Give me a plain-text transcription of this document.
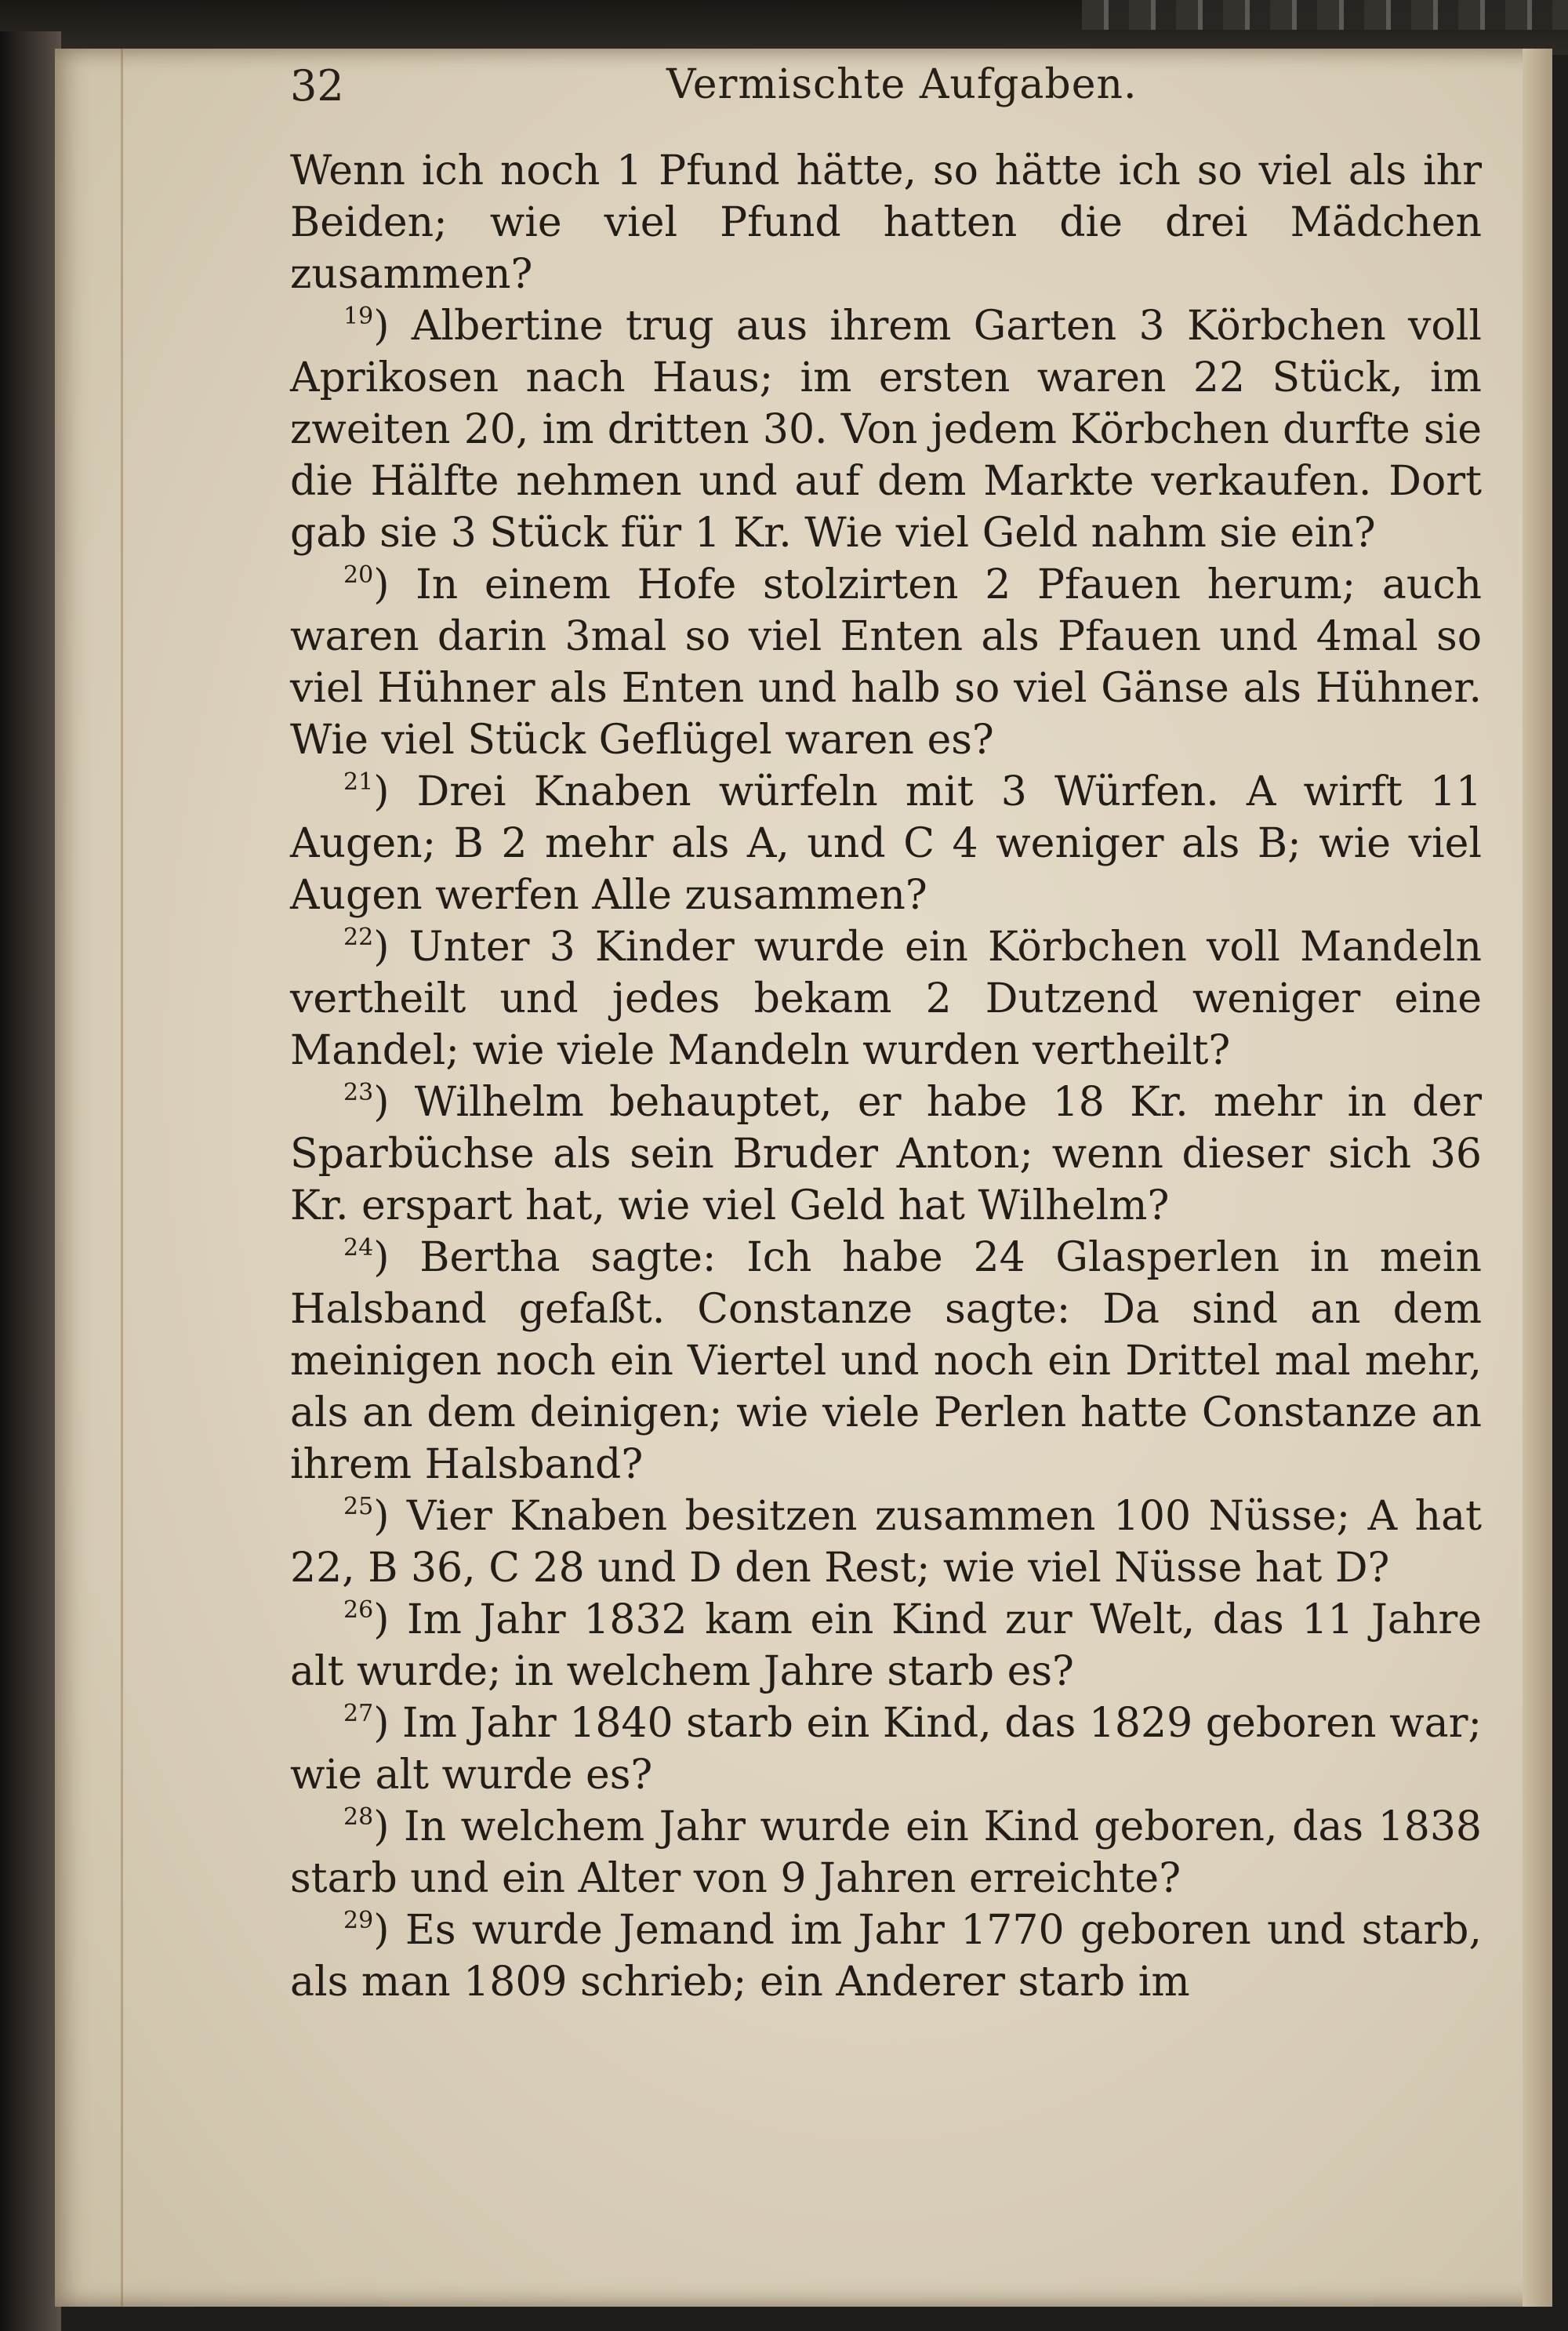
32	Vermischte Aufgaben.

Wenn ich noch 1 Pfund hätte, so hätte ich so viel als ihr Beiden; wie viel Pfund hatten die drei Mädchen zusammen?

$^{19}$) Albertine trug aus ihrem Garten 3 Körbchen voll Aprikosen nach Haus; im ersten waren 22 Stück, im zweiten 20, im dritten 30. Von jedem Körbchen durfte sie die Hälfte nehmen und auf dem Markte verkaufen. Dort gab sie 3 Stück für 1 Kr. Wie viel Geld nahm sie ein?

$^{20}$) In einem Hofe stolzirten 2 Pfauen herum; auch waren darin 3mal so viel Enten als Pfauen und 4mal so viel Hühner als Enten und halb so viel Gänse als Hühner. Wie viel Stück Geflügel waren es?

$^{21}$) Drei Knaben würfeln mit 3 Würfen. A wirft 11 Augen; B 2 mehr als A, und C 4 weniger als B; wie viel Augen werfen Alle zusammen?

$^{22}$) Unter 3 Kinder wurde ein Körbchen voll Mandeln vertheilt und jedes bekam 2 Dutzend weniger eine Mandel; wie viele Mandeln wurden vertheilt?

$^{23}$) Wilhelm behauptet, er habe 18 Kr. mehr in der Sparbüchse als sein Bruder Anton; wenn dieser sich 36 Kr. erspart hat, wie viel Geld hat Wilhelm?

$^{24}$) Bertha sagte: Ich habe 24 Glasperlen in mein Halsband gefaßt. Constanze sagte: Da sind an dem meinigen noch ein Viertel und noch ein Drittel mal mehr, als an dem deinigen; wie viele Perlen hatte Constanze an ihrem Halsband?

$^{25}$) Vier Knaben besitzen zusammen 100 Nüsse; A hat 22, B 36, C 28 und D den Rest; wie viel Nüsse hat D?

$^{26}$) Im Jahr 1832 kam ein Kind zur Welt, das 11 Jahre alt wurde; in welchem Jahre starb es?

$^{27}$) Im Jahr 1840 starb ein Kind, das 1829 geboren war; wie alt wurde es?

$^{28}$) In welchem Jahr wurde ein Kind geboren, das 1838 starb und ein Alter von 9 Jahren erreichte?

$^{29}$) Es wurde Jemand im Jahr 1770 geboren und starb, als man 1809 schrieb; ein Anderer starb im
